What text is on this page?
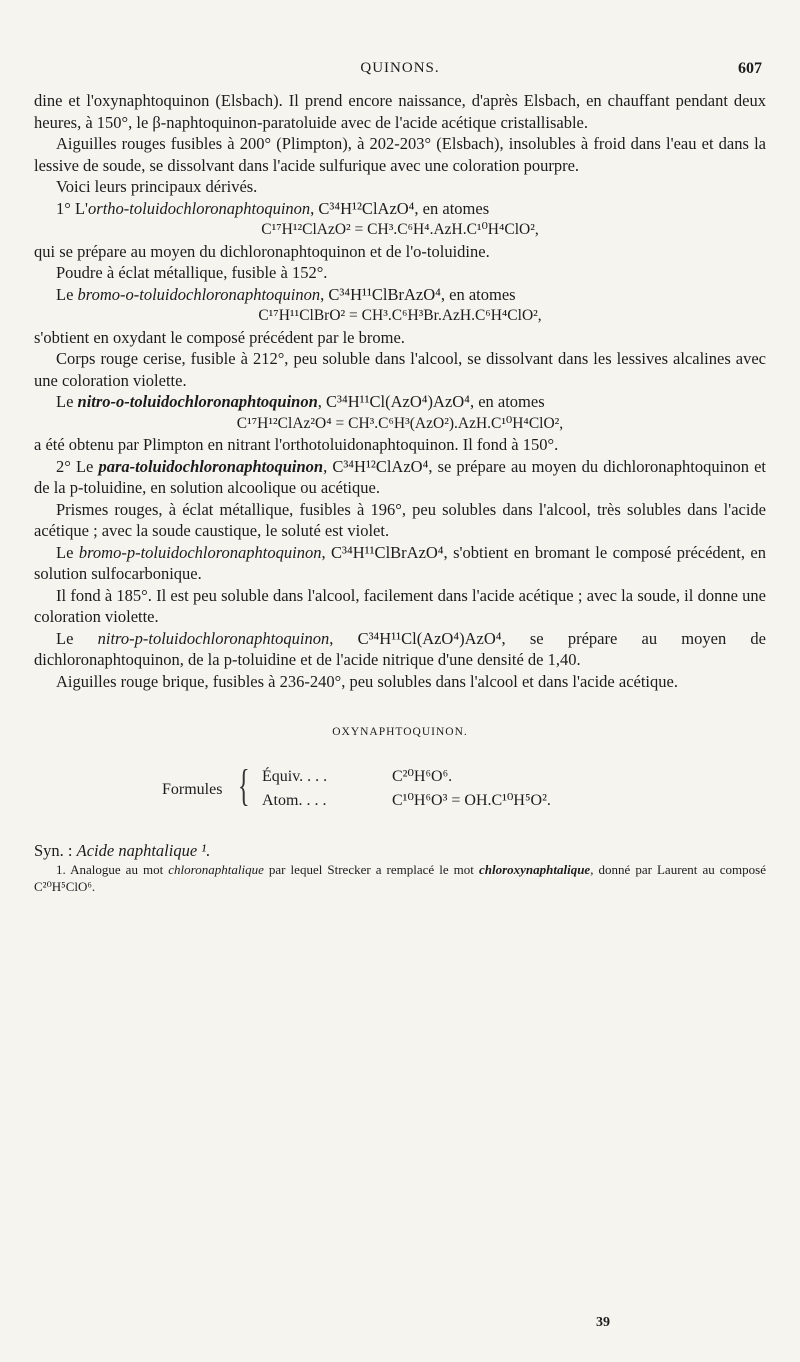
QUINONS.	607

dine et l'oxynaphtoquinon (Elsbach). Il prend encore naissance, d'après Elsbach, en chauffant pendant deux heures, à 150°, le β-naphtoquinon-paratoluide avec de l'acide acétique cristallisable.

Aiguilles rouges fusibles à 200° (Plimpton), à 202-203° (Elsbach), insolubles à froid dans l'eau et dans la lessive de soude, se dissolvant dans l'acide sulfurique avec une coloration pourpre.

Voici leurs principaux dérivés.

1° L'ortho-toluidochloronaphtoquinon, C³⁴H¹²ClAzO⁴, en atomes

C¹⁷H¹²ClAzO² = CH³.C⁶H⁴.AzH.C¹⁰H⁴ClO²,

qui se prépare au moyen du dichloronaphtoquinon et de l'o-toluidine.

Poudre à éclat métallique, fusible à 152°.

Le bromo-o-toluidochloronaphtoquinon, C³⁴H¹¹ClBrAzO⁴, en atomes

C¹⁷H¹¹ClBrO² = CH³.C⁶H³Br.AzH.C⁶H⁴ClO²,

s'obtient en oxydant le composé précédent par le brome.

Corps rouge cerise, fusible à 212°, peu soluble dans l'alcool, se dissolvant dans les lessives alcalines avec une coloration violette.

Le nitro-o-toluidochloronaphtoquinon, C³⁴H¹¹Cl(AzO⁴)AzO⁴, en atomes

C¹⁷H¹²ClAz²O⁴ = CH³.C⁶H³(AzO²).AzH.C¹⁰H⁴ClO²,

a été obtenu par Plimpton en nitrant l'orthotoluidonaphtoquinon. Il fond à 150°.

2° Le para-toluidochloronaphtoquinon, C³⁴H¹²ClAzO⁴, se prépare au moyen du dichloronaphtoquinon et de la p-toluidine, en solution alcoolique ou acétique.

Prismes rouges, à éclat métallique, fusibles à 196°, peu solubles dans l'alcool, très solubles dans l'acide acétique ; avec la soude caustique, le soluté est violet.

Le bromo-p-toluidochloronaphtoquinon, C³⁴H¹¹ClBrAzO⁴, s'obtient en bromant le composé précédent, en solution sulfocarbonique.

Il fond à 185°. Il est peu soluble dans l'alcool, facilement dans l'acide acétique ; avec la soude, il donne une coloration violette.

Le nitro-p-toluidochloronaphtoquinon, C³⁴H¹¹Cl(AzO⁴)AzO⁴, se prépare au moyen de dichloronaphtoquinon, de la p-toluidine et de l'acide nitrique d'une densité de 1,40.

Aiguilles rouge brique, fusibles à 236-240°, peu solubles dans l'alcool et dans l'acide acétique.

OXYNAPHTOQUINON.
Formules { Équiv. . . .	C²⁰H⁶O⁶.
Atom. . . .	C¹⁰H⁶O³ = OH.C¹⁰H⁵O².

Syn. : Acide naphtalique ¹.

1. Analogue au mot chloronaphtalique par lequel Strecker a remplacé le mot chloroxynaphtalique, donné par Laurent au composé C²⁰H⁵ClO⁶.

39
